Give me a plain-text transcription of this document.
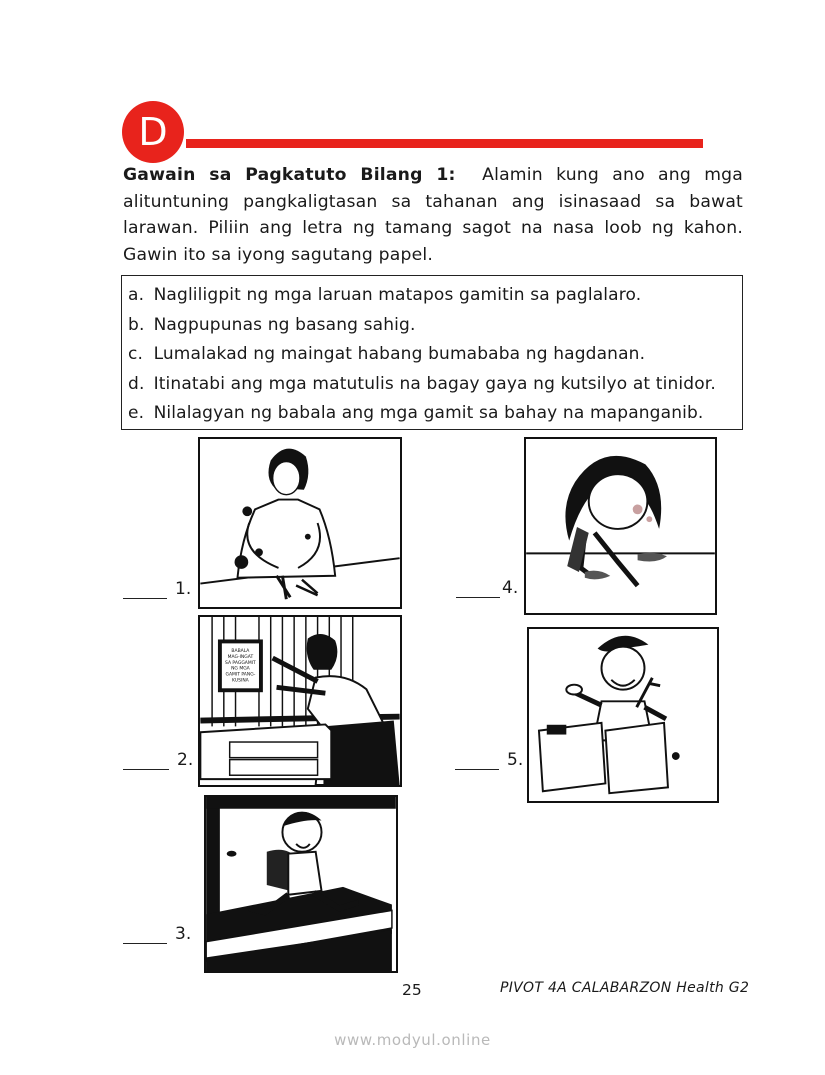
D
Gawain sa Pagkatuto Bilang 1: Alamin kung ano ang mga alituntuning pangkaligtasan sa tahanan ang isinasaad sa bawat larawan. Piliin ang letra ng tamang sagot na nasa loob ng kahon. Gawin ito sa iyong sagutang papel.
a. Nagliligpit ng mga laruan matapos gamitin sa paglalaro.
b. Nagpupunas ng basang sahig.
c. Lumalakad ng maingat habang bumababa ng hagdanan.
d. Itinatabi ang mga matutulis na bagay gaya ng kutsilyo at tinidor.
e. Nilalagyan ng babala ang mga gamit sa bahay na mapanganib.
1.
2.
3.
4.
5.
BABALA
MAG-INGAT
SA PAGGAMIT
NG MGA
GAMIT PANG-
KUSINA
25	PIVOT 4A CALABARZON Health G2
www.modyul.online
